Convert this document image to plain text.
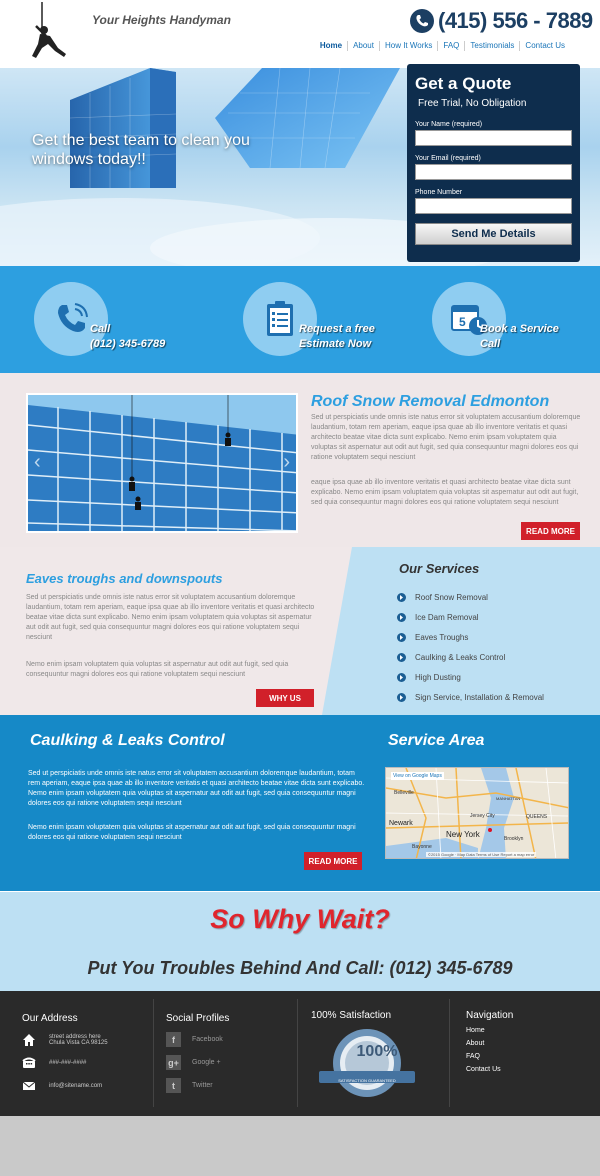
Your Heights Handyman	(415) 556 - 7889
Home	About	How It Works	FAQ	Testimonials	Contact Us
Get the best team to clean you windows today!!
Get a Quote
Free Trial, No Obligation
Your Name (required)
Your Email (required)
Phone Number
Send Me Details
Call
(012) 345-6789
Request a free
Estimate Now
5 Book a Service
Call
‹	›
Roof Snow Removal Edmonton

Sed ut perspiciatis unde omnis iste natus error sit voluptatem accusantium doloremque laudantium, totam rem aperiam, eaque ipsa quae ab illo inventore veritatis et quasi architecto beatae vitae dicta sunt explicabo. Nemo enim ipsam voluptatem quia voluptas sit aspernatur aut odit aut fugit, sed quia consequuntur magni dolores eos qui ratione voluptatem sequi nesciunt

eaque ipsa quae ab illo inventore veritatis et quasi architecto beatae vitae dicta sunt explicabo. Nemo enim ipsam voluptatem quia voluptas sit aspernatur aut odit aut fugit, sed quia consequuntur magni dolores eos qui ratione voluptatem sequi nesciunt

READ MORE
Eaves troughs and downspouts

Sed ut perspiciatis unde omnis iste natus error sit voluptatem accusantium doloremque laudantium, totam rem aperiam, eaque ipsa quae ab illo inventore veritatis et quasi architecto beatae vitae dicta sunt explicabo. Nemo enim ipsam voluptatem quia voluptas sit aspernatur aut odit aut fugit, sed quia consequuntur magni dolores eos qui ratione voluptatem sequi nesciunt

Nemo enim ipsam voluptatem quia voluptas sit aspernatur aut odit aut fugit, sed quia consequuntur magni dolores eos qui ratione voluptatem sequi nesciunt

WHY US
Our Services
Roof Snow Removal
Ice Dam Removal
Eaves Troughs
Caulking & Leaks Control
High Dusting
Sign Service, Installation & Removal
Caulking & Leaks Control

Sed ut perspiciatis unde omnis iste natus error sit voluptatem accusantium doloremque laudantium, totam rem aperiam, eaque ipsa quae ab illo inventore veritatis et quasi architecto beatae vitae dicta sunt explicabo. Nemo enim ipsam voluptatem quia voluptas sit aspernatur aut odit aut fugit, sed quia consequuntur magni dolores eos qui ratione voluptatem sequi nesciunt

Nemo enim ipsam voluptatem quia voluptas sit aspernatur aut odit aut fugit, sed quia consequuntur magni dolores eos qui ratione voluptatem sequi nesciunt

READ MORE
Service Area
View on Google Maps
Belleville
MANHATTAN
Jersey City
Newark
QUEENS
New York	Brooklyn
Bayonne
©2015 Google · Map Data Terms of Use Report a map error
So Why Wait?
Put You Troubles Behind And Call: (012) 345-6789
Our Address
street address here
Chula Vista CA 98125
###-###-####
info@sitename.com
Social Profiles
f	Facebook
g+	Google +
t	Twitter
100% Satisfaction
100%
SATISFACTION GUARANTEED
Navigation
Home
About
FAQ
Contact Us
